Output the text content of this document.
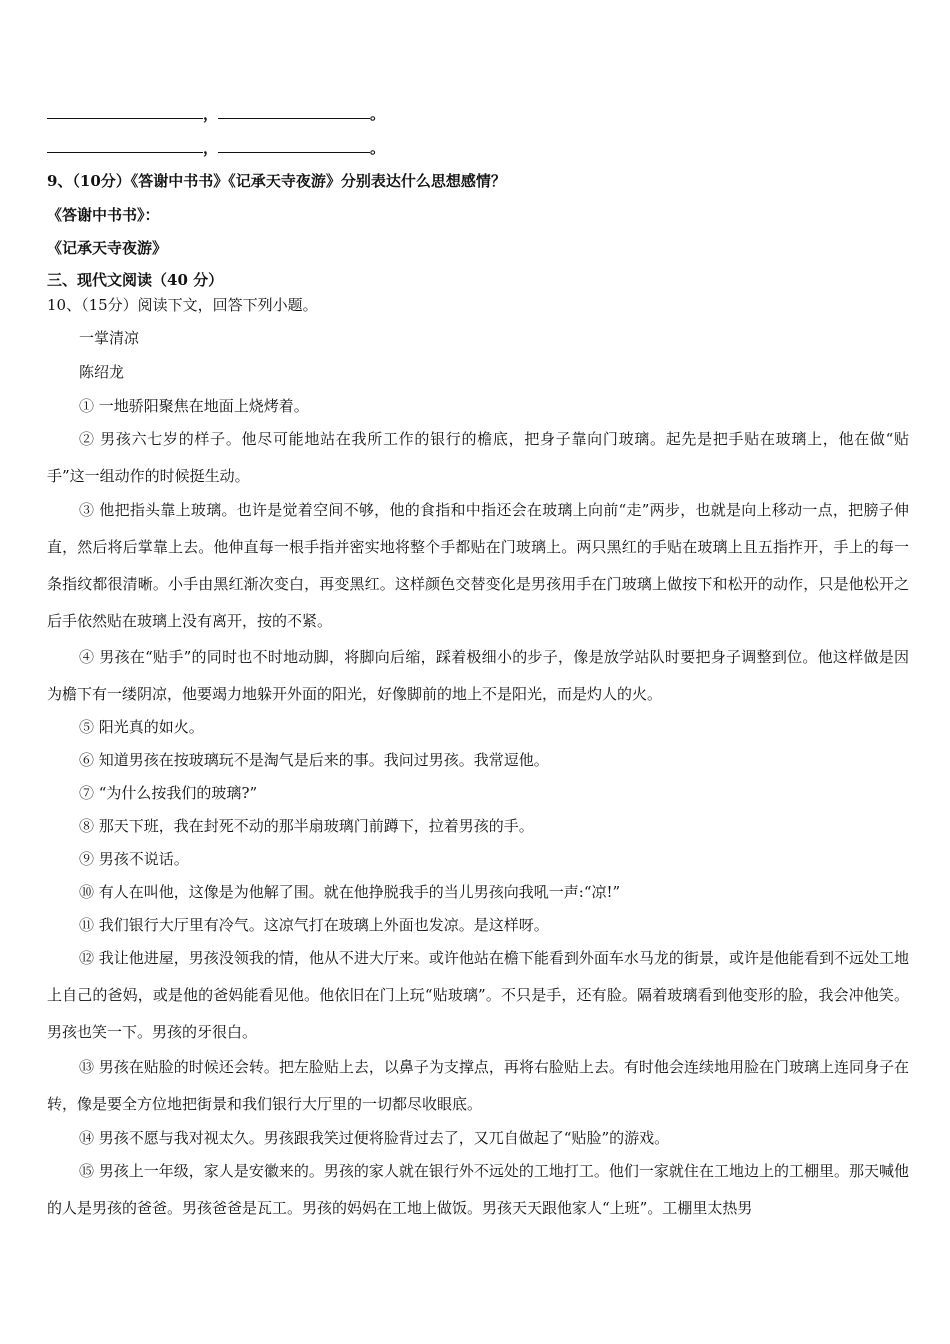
，	。
，	。
9、（10分）《答谢中书书》《记承天寺夜游》分别表达什么思想感情？
《答谢中书书》：
《记承天寺夜游》
三、现代文阅读（40 分）
10、（15分）阅读下文，回答下列小题。
一掌清凉
陈绍龙
① 一地骄阳聚焦在地面上烧烤着。
② 男孩六七岁的样子。他尽可能地站在我所工作的银行的檐底，把身子靠向门玻璃。起先是把手贴在玻璃上，他在做“贴手”这一组动作的时候挺生动。
③ 他把指头靠上玻璃。也许是觉着空间不够，他的食指和中指还会在玻璃上向前“走”两步，也就是向上移动一点，把膀子伸直，然后将后掌靠上去。他伸直每一根手指并密实地将整个手都贴在门玻璃上。两只黑红的手贴在玻璃上且五指拃开，手上的每一条指纹都很清晰。小手由黑红渐次变白，再变黑红。这样颜色交替变化是男孩用手在门玻璃上做按下和松开的动作，只是他松开之后手依然贴在玻璃上没有离开，按的不紧。
④ 男孩在“贴手”的同时也不时地动脚，将脚向后缩，踩着极细小的步子，像是放学站队时要把身子调整到位。他这样做是因为檐下有一缕阴凉，他要竭力地躲开外面的阳光，好像脚前的地上不是阳光，而是灼人的火。
⑤ 阳光真的如火。
⑥ 知道男孩在按玻璃玩不是淘气是后来的事。我问过男孩。我常逗他。
⑦ “为什么按我们的玻璃?”
⑧ 那天下班，我在封死不动的那半扇玻璃门前蹲下，拉着男孩的手。
⑨ 男孩不说话。
⑩ 有人在叫他，这像是为他解了围。就在他挣脱我手的当儿男孩向我吼一声:“凉!”
⑪ 我们银行大厅里有冷气。这凉气打在玻璃上外面也发凉。是这样呀。
⑫ 我让他进屋，男孩没领我的情，他从不进大厅来。或许他站在檐下能看到外面车水马龙的街景，或许是他能看到不远处工地上自己的爸妈，或是他的爸妈能看见他。他依旧在门上玩“贴玻璃”。不只是手，还有脸。隔着玻璃看到他变形的脸，我会冲他笑。男孩也笑一下。男孩的牙很白。
⑬ 男孩在贴脸的时候还会转。把左脸贴上去，以鼻子为支撑点，再将右脸贴上去。有时他会连续地用脸在门玻璃上连同身子在转，像是要全方位地把街景和我们银行大厅里的一切都尽收眼底。
⑭ 男孩不愿与我对视太久。男孩跟我笑过便将脸背过去了，又兀自做起了“贴脸”的游戏。
⑮ 男孩上一年级，家人是安徽来的。男孩的家人就在银行外不远处的工地打工。他们一家就住在工地边上的工棚里。那天喊他的人是男孩的爸爸。男孩爸爸是瓦工。男孩的妈妈在工地上做饭。男孩天天跟他家人“上班”。工棚里太热男
